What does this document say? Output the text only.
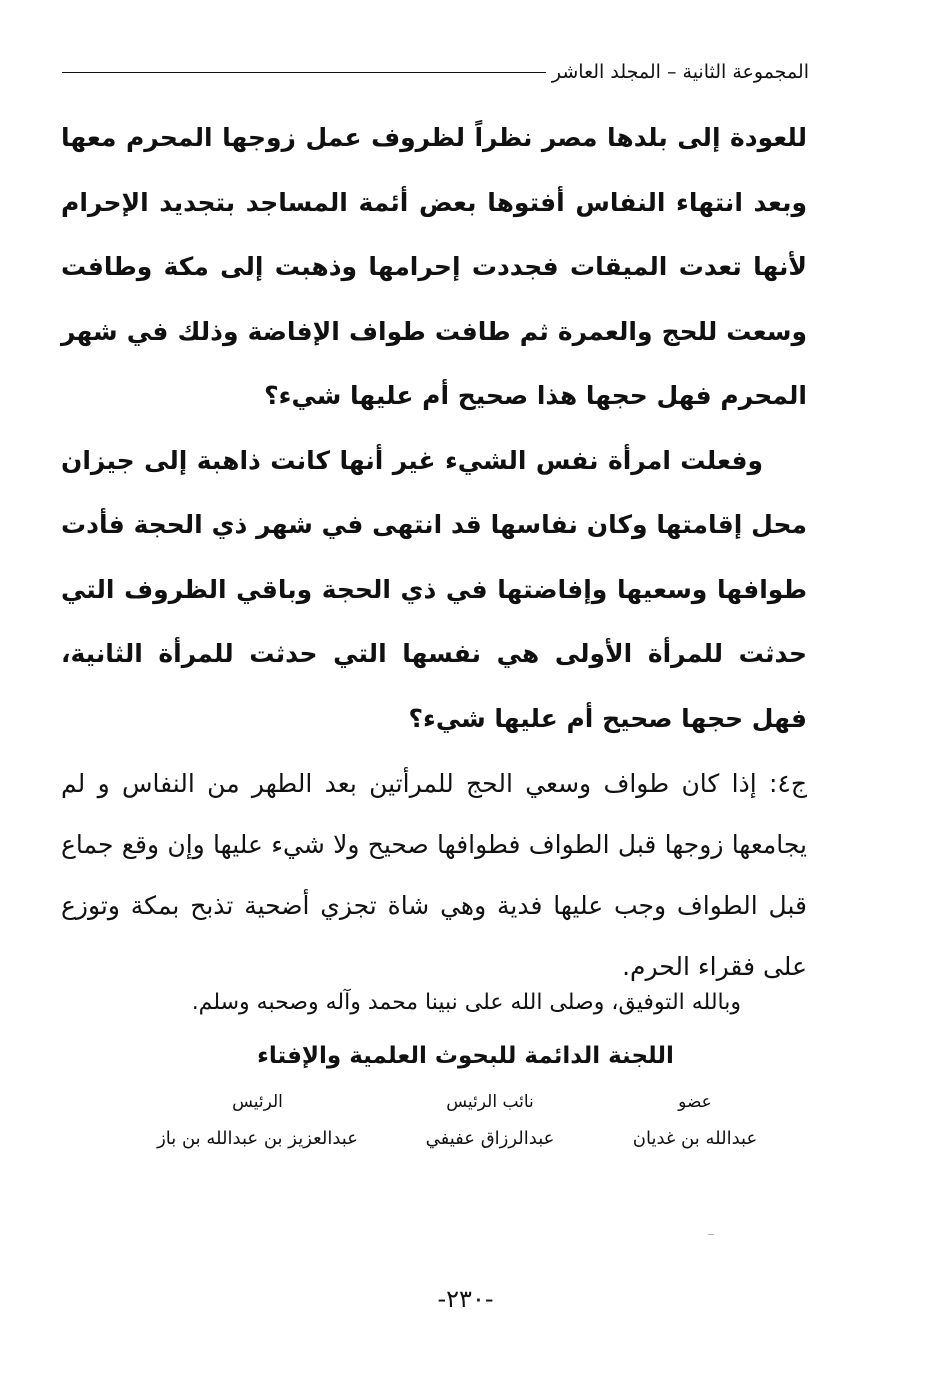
المجموعة الثانية – المجلد العاشر

للعودة إلى بلدها مصر نظراً لظروف عمل زوجها المحرم معها وبعد انتهاء النفاس أفتوها بعض أئمة المساجد بتجديد الإحرام لأنها تعدت الميقات فجددت إحرامها وذهبت إلى مكة وطافت وسعت للحج والعمرة ثم طافت طواف الإفاضة وذلك في شهر المحرم فهل حجها هذا صحيح أم عليها شيء؟

وفعلت امرأة نفس الشيء غير أنها كانت ذاهبة إلى جيزان محل إقامتها وكان نفاسها قد انتهى في شهر ذي الحجة فأدت طوافها وسعيها وإفاضتها في ذي الحجة وباقي الظروف التي حدثت للمرأة الأولى هي نفسها التي حدثت للمرأة الثانية، فهل حجها صحيح أم عليها شيء؟

ج٤: إذا كان طواف وسعي الحج للمرأتين بعد الطهر من النفاس و لم يجامعها زوجها قبل الطواف فطوافها صحيح ولا شيء عليها وإن وقع جماع قبل الطواف وجب عليها فدية وهي شاة تجزي أضحية تذبح بمكة وتوزع على فقراء الحرم.

وبالله التوفيق، وصلى الله على نبينا محمد وآله وصحبه وسلم.
اللجنة الدائمة للبحوث العلمية والإفتاء
عضو
عبدالله بن غديان
نائب الرئيس
عبدالرزاق عفيفي
الرئيس
عبدالعزيز بن عبدالله بن باز
-٢٣٠-
